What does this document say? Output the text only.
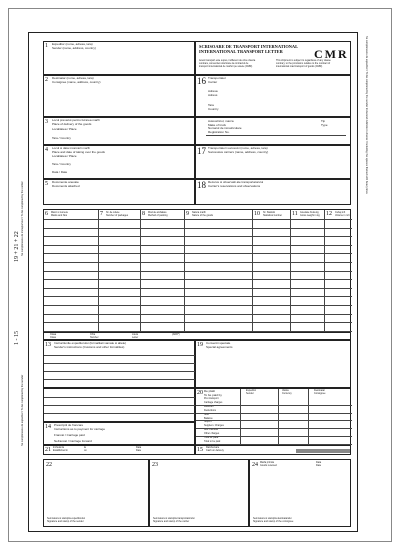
19 + 21 + 22
1 - 15
Se completeaza de transportator / To be completed by the carrier
Se completeaza de expeditor / To be completed by the sender
Se completeaza de expeditor / To be completed by the sender Incluzand rubricile in chenar / Including the spaces framed with heavy lines
1 Expeditor (nume, adresa, tara)
Sender (name, address, country)	SCRISOARE DE TRANSPORT INTERNATIONAL
INTERNATIONAL TRANSPORT LETTER	CMR
Acest transport este supus, indiferent de orice clauza
contrara, conventiei referitoare la contractul de
transport international de marfuri pe sosele (CMR).
This shipment is subject to regardless of any clause
contrary, to the provisions relative to the contract of
international road transport of goods (CMR).
2 Destinatar (nume, adresa, tara)
Consignee (name, address, country)	16 Transportator
Carrier
Adresa
Adress
Tara
Country
3 Locul prevazut pentru livrarea marfii
Place of delivery of the goods
Localitatea / Place
Tara / Country
Autovehicul, marca
Make of truck
Numarul de inmatriculare
Registration No.
Tip
Type
4 Locul si data incarcarii marfii
Place and date of taking over the goods
Localitatea / Place
Tara / Country
Data / Date
17 Transportatori succesivi (nume, adresa, tara)
Successive carriers (name, address, country)
5 Documente anexate
Documents attached	18 Rezerve si observatii ale transportatorului
Carrier's reservations and observations
6 Marci si numere
Marks and Nos	7 Nr. de colete
Number of packages 8 Mod de ambalare
Method of packing	9 Natura marfii
Nature of the goods	10 Nr. Statistic
Statistical number 11 Greutate bruta kg
Gross weight in kg 12 Cubaj m3
Volume in m3
Clasa
Class
Cifra
Number
Litera
Letter
(ADR*)
13 Instructiunile expeditorului (formalitati vamale si altele)
Sender's instructions (Customs and other formalities)	19 Conventii speciale
Special agreements
20 De platit
To be paid by
Expeditor
Sender
Valuta
Currency
Destinatar
Consignee
Pret transport
Carriage charges
Reduceri
Deductions
Sold
Balance
Suplim.
Supplem. Charges
Alte cheltuieli
Other charges
Total de plata
Total to be paid
14 Prescriptii de francare
Instructions as to payment for carriage
Francat / Carriage paid
Nefrancat / Carriage forward
21 Incheiat la
Established in
la
on
Data
Date	15 Rambursare
Cash on delivery
22
Semnatura si stampila expeditorului
Signature and stamp of the sender
23
Semnatura si stampila transportatorului
Signature and stamp of the carrier
24 Marfa primita
Goods received
Data
Date
Semnatura si stampila destinatarului
Signature and stamp of the consignee
